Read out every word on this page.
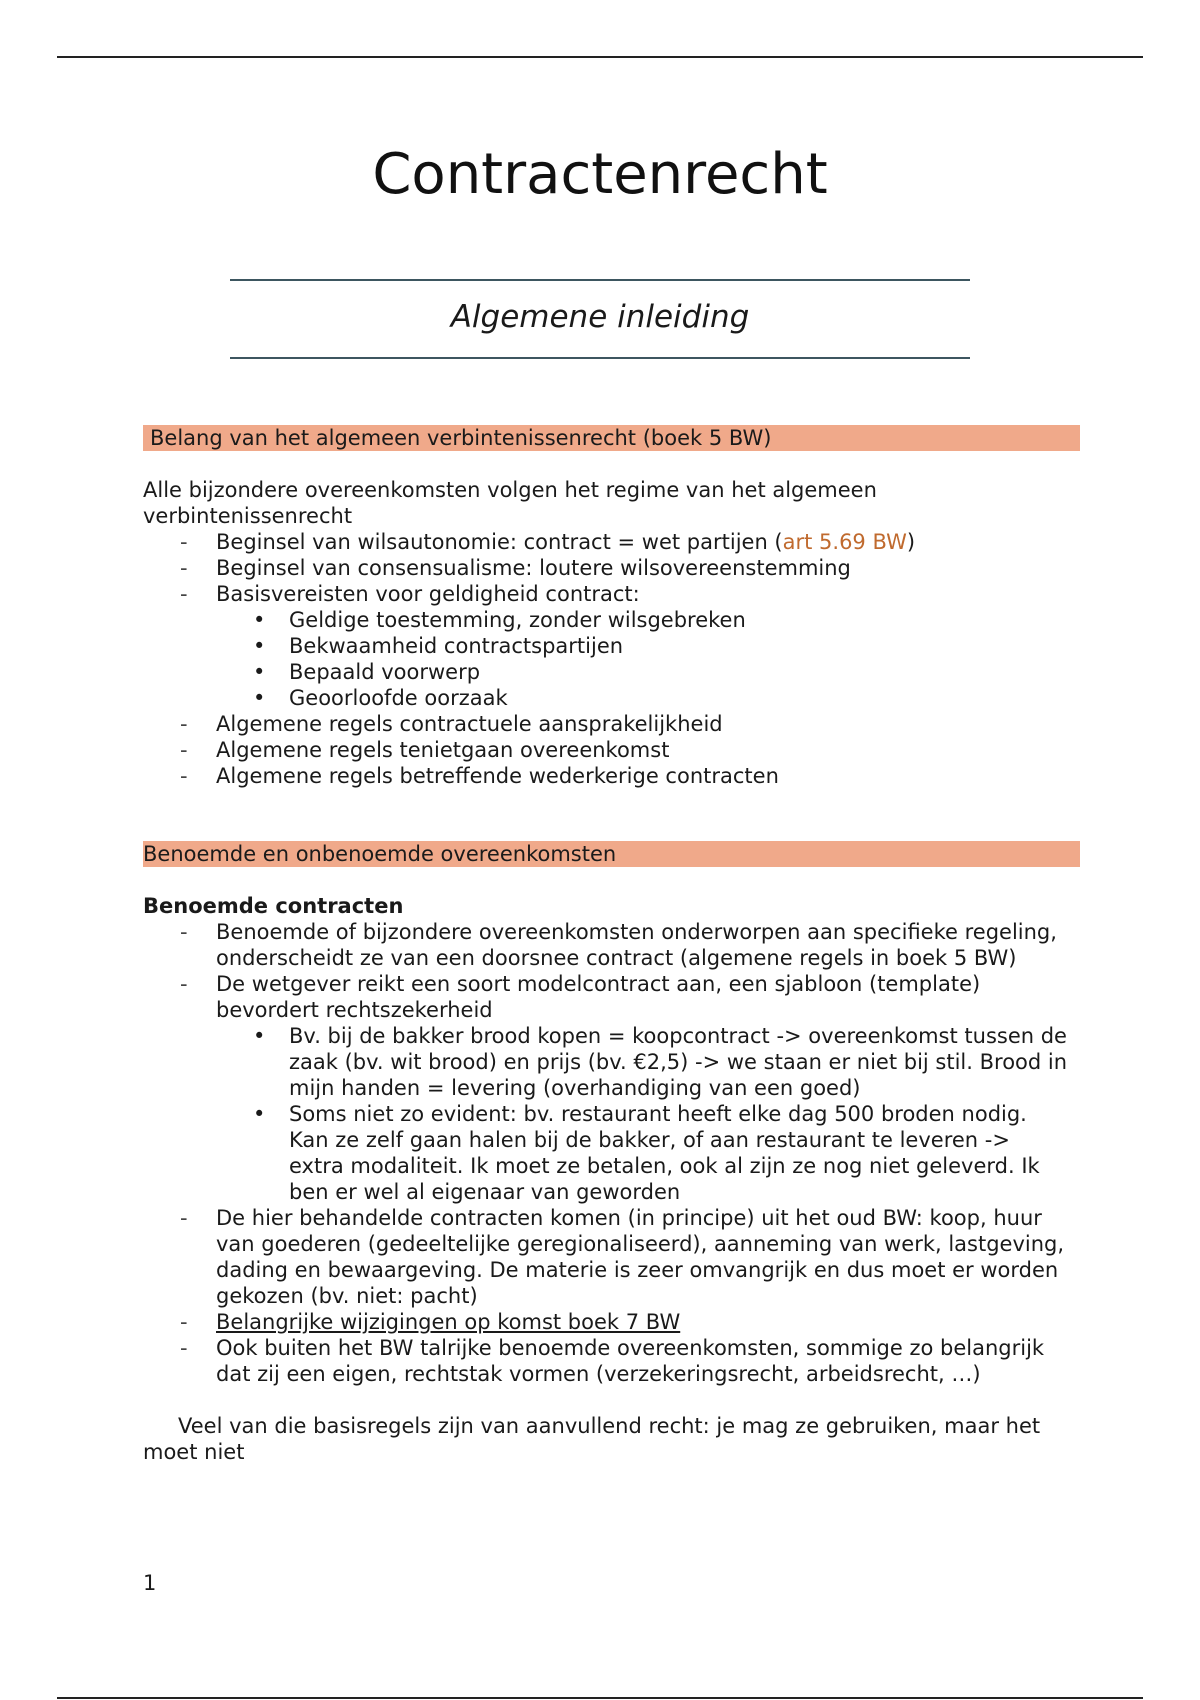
Contractenrecht
Algemene inleiding
Belang van het algemeen verbintenissenrecht (boek 5 BW)

Alle bijzondere overeenkomsten volgen het regime van het algemeen verbintenissenrecht

- Beginsel van wilsautonomie: contract = wet partijen (art 5.69 BW)
- Beginsel van consensualisme: loutere wilsovereenstemming
- Basisvereisten voor geldigheid contract:
• Geldige toestemming, zonder wilsgebreken
• Bekwaamheid contractspartijen
• Bepaald voorwerp
• Geoorloofde oorzaak
- Algemene regels contractuele aansprakelijkheid
- Algemene regels tenietgaan overeenkomst
- Algemene regels betreffende wederkerige contracten
Benoemde en onbenoemde overeenkomsten

Benoemde contracten

- Benoemde of bijzondere overeenkomsten onderworpen aan specifieke regeling, onderscheidt ze van een doorsnee contract (algemene regels in boek 5 BW)
- De wetgever reikt een soort modelcontract aan, een sjabloon (template) bevordert rechtszekerheid
• Bv. bij de bakker brood kopen = koopcontract -> overeenkomst tussen de zaak (bv. wit brood) en prijs (bv. €2,5) -> we staan er niet bij stil. Brood in mijn handen = levering (overhandiging van een goed)
• Soms niet zo evident: bv. restaurant heeft elke dag 500 broden nodig. Kan ze zelf gaan halen bij de bakker, of aan restaurant te leveren -> extra modaliteit. Ik moet ze betalen, ook al zijn ze nog niet geleverd. Ik ben er wel al eigenaar van geworden
- De hier behandelde contracten komen (in principe) uit het oud BW: koop, huur van goederen (gedeeltelijke geregionaliseerd), aanneming van werk, lastgeving, dading en bewaargeving. De materie is zeer omvangrijk en dus moet er worden gekozen (bv. niet: pacht)
- Belangrijke wijzigingen op komst boek 7 BW
- Ook buiten het BW talrijke benoemde overeenkomsten, sommige zo belangrijk dat zij een eigen, rechtstak vormen (verzekeringsrecht, arbeidsrecht, …)

Veel van die basisregels zijn van aanvullend recht: je mag ze gebruiken, maar het moet niet

1
